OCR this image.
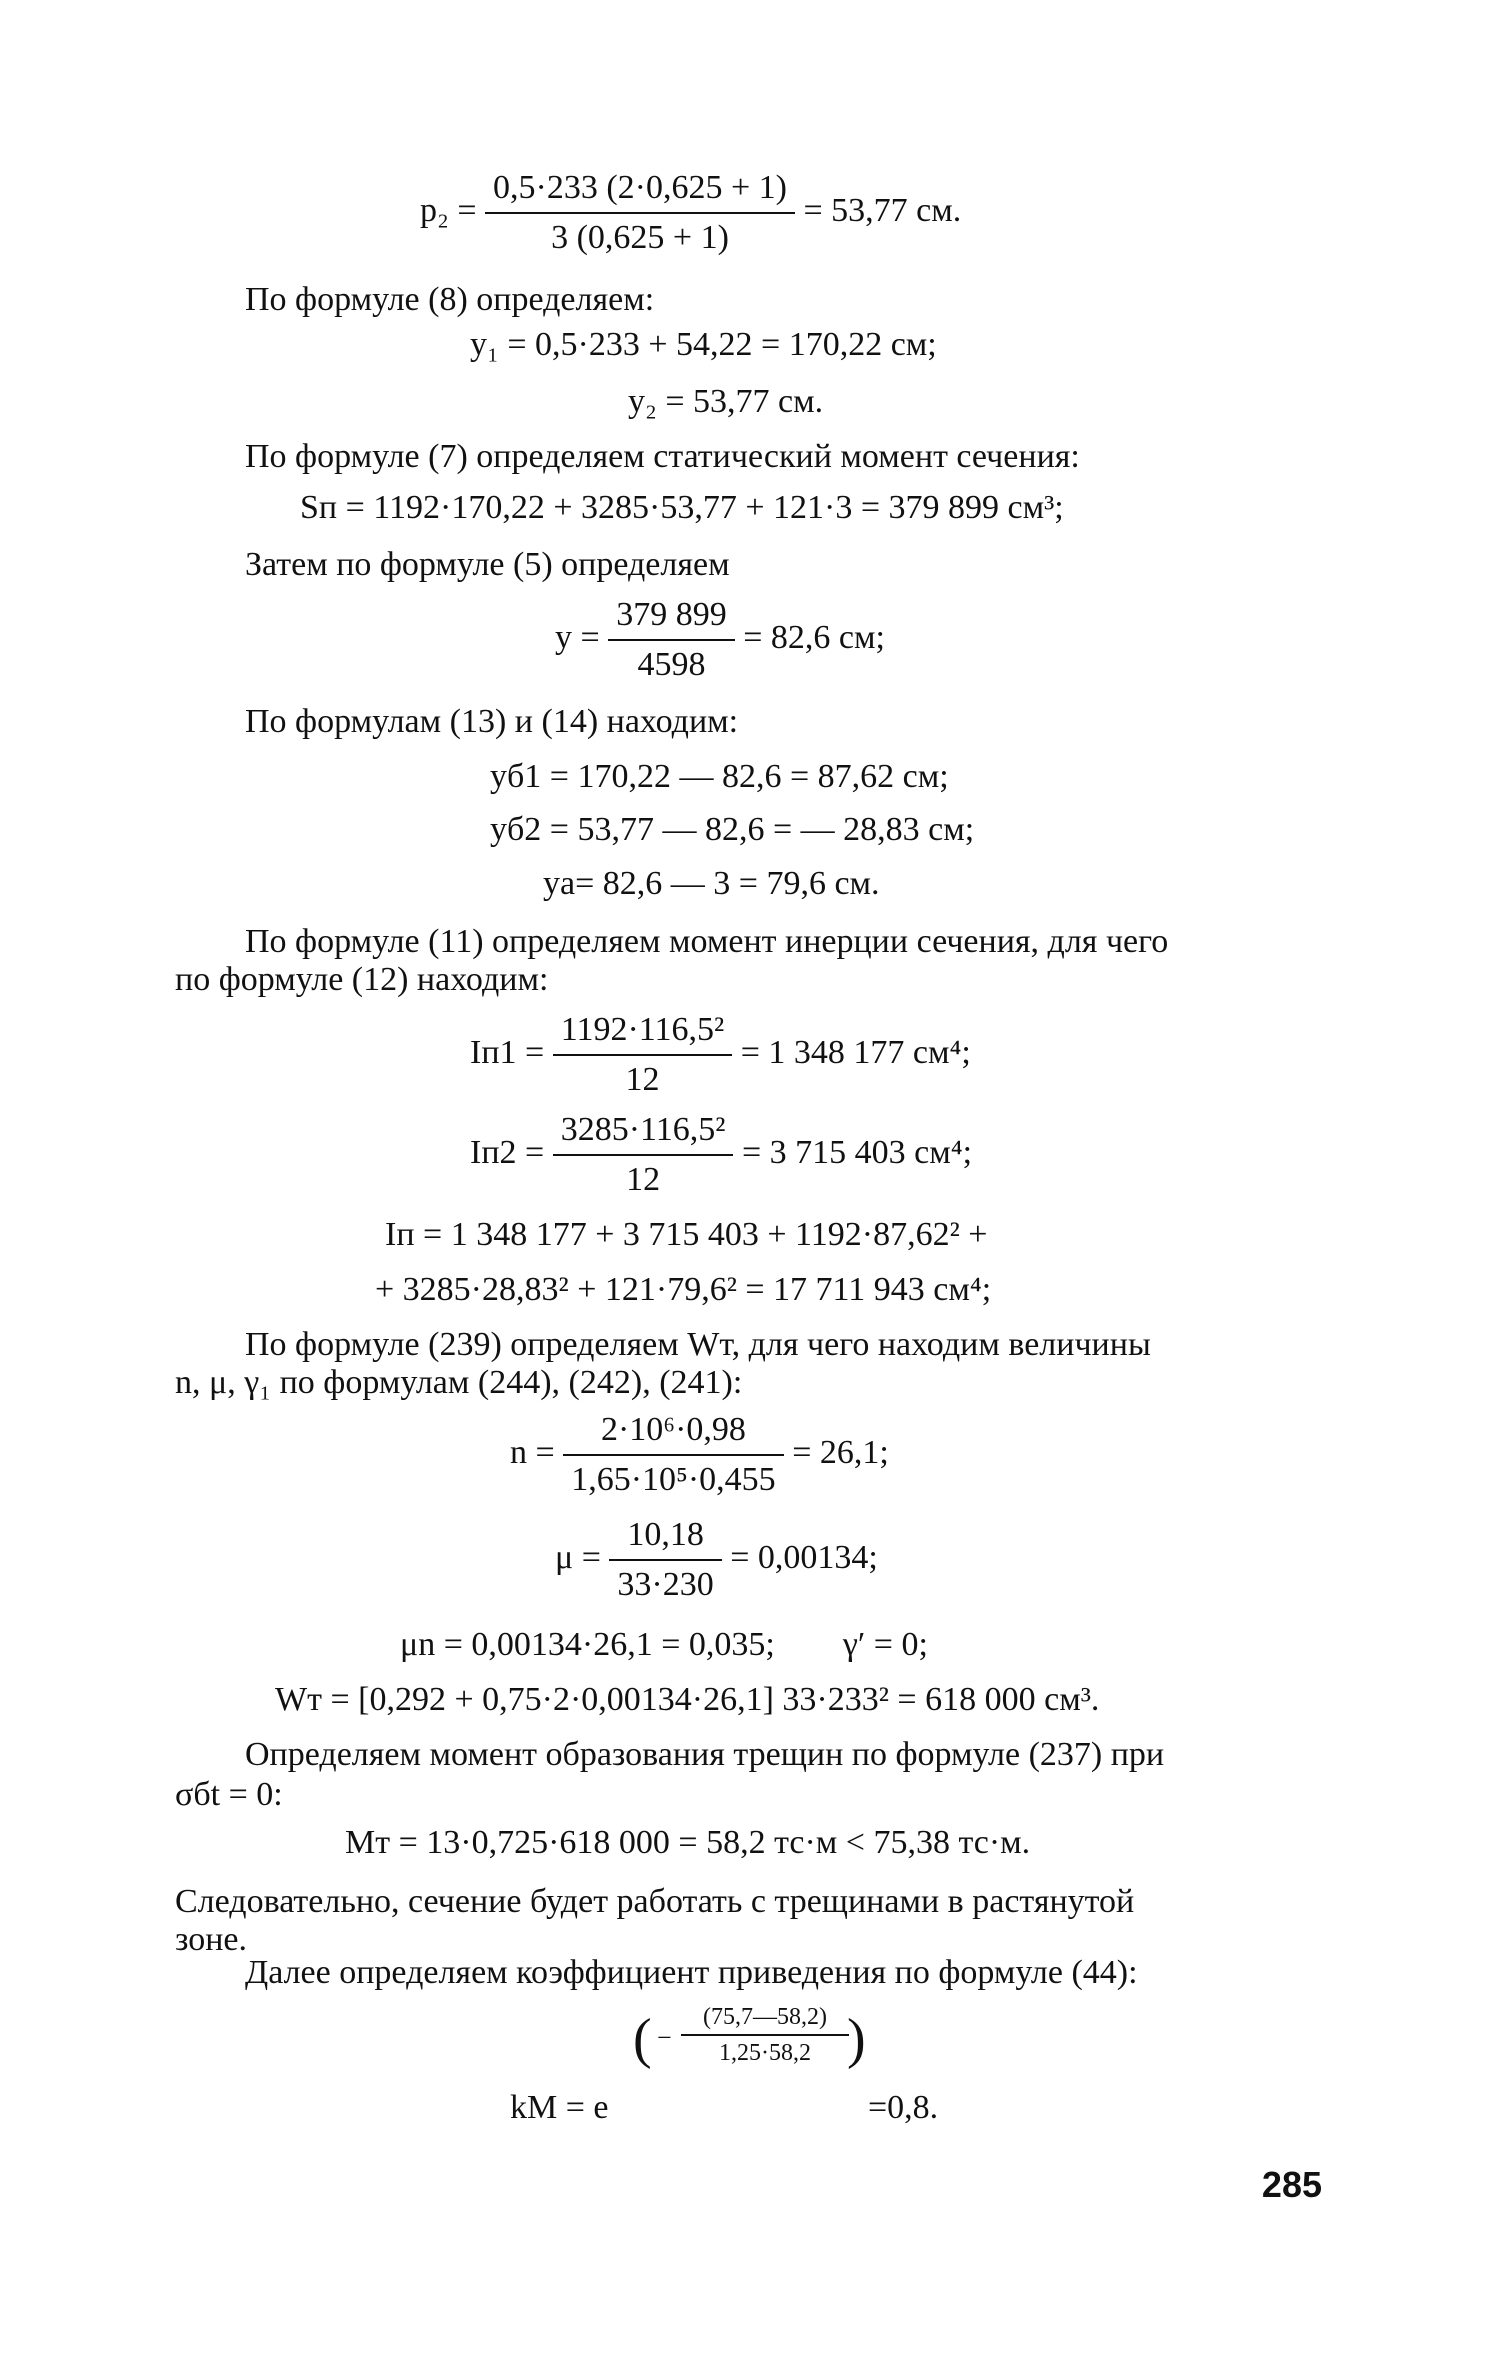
$p_2 = \frac{0,5\cdot 233 (2\cdot 0,625 + 1)}{3 (0,625 + 1)} = 53,77$ см.
По формуле (8) определяем:
y₁ = 0,5·233 + 54,22 = 170,22 см;
y₂ = 53,77 см.
По формуле (7) определяем статический момент сечения:
Sп = 1192·170,22 + 3285·53,77 + 121·3 = 379 899 см³;
Затем по формуле (5) определяем
$y = \frac{379 899}{4598} = 82,6$ см;
По формулам (13) и (14) находим:
yб1 = 170,22 — 82,6 = 87,62 см;
yб2 = 53,77 — 82,6 = — 28,83 см;
yа= 82,6 — 3 = 79,6 см.
По формуле (11) определяем момент инерции сечения, для чего
по формуле (12) находим:
$Iп1 = \frac{\text{1192·116,5²}}{12} = 1$ 348 177 см⁴;
$Iп2 = \frac{\text{3285·116,5²}}{12} = 3$ 715 403 см⁴;
Iп = 1 348 177 + 3 715 403 + 1192·87,62² +
+ 3285·28,83² + 121·79,6² = 17 711 943 см⁴;
По формуле (239) определяем Wт, для чего находим величины
n, μ, γ₁ по формулам (244), (242), (241):
$n = \frac{\text{2·10⁶·0,98}}{\text{1,65·10⁵·0,455}} = 26,1$;
$\mu = \frac{10,18}{33\cdot 230} = 0,00134$;
μn = 0,00134·26,1 = 0,035;        γ′ = 0;
Wт = [0,292 + 0,75·2·0,00134·26,1] 33·233² = 618 000 см³.
Определяем момент образования трещин по формуле (237) при
σбt = 0:
Mт = 13·0,725·618 000 = 58,2 тс·м < 75,38 тс·м.
Следовательно, сечение будет работать с трещинами в растянутой
зоне.
Далее определяем коэффициент приведения по формуле (44):
kM = e
( − $\frac{(75,7—58,2)}{1,25\cdot 58,2}$
)
=0,8.
285
